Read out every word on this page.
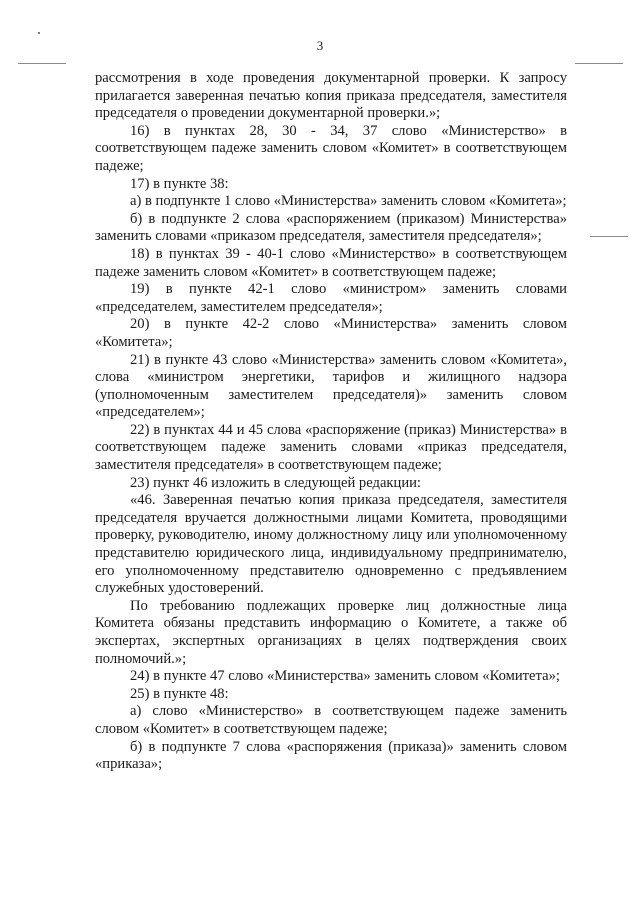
3

рассмотрения в ходе проведения документарной проверки. К запросу прилагается заверенная печатью копия приказа председателя, заместителя председателя о проведении документарной проверки.»;

16) в пунктах 28, 30 - 34, 37 слово «Министерство» в соответствующем падеже заменить словом «Комитет» в соответствующем падеже;

17) в пункте 38:

а) в подпункте 1 слово «Министерства» заменить словом «Комитета»;

б) в подпункте 2 слова «распоряжением (приказом) Министерства» заменить словами «приказом председателя, заместителя председателя»;

18) в пунктах 39 - 40-1 слово «Министерство» в соответствующем падеже заменить словом «Комитет» в соответствующем падеже;

19) в пункте 42-1 слово «министром» заменить словами «председателем, заместителем председателя»;

20) в пункте 42-2 слово «Министерства» заменить словом «Комитета»;

21) в пункте 43 слово «Министерства» заменить словом «Комитета», слова «министром энергетики, тарифов и жилищного надзора (уполномоченным заместителем председателя)» заменить словом «председателем»;

22) в пунктах 44 и 45 слова «распоряжение (приказ) Министерства» в соответствующем падеже заменить словами «приказ председателя, заместителя председателя» в соответствующем падеже;

23) пункт 46 изложить в следующей редакции:

«46. Заверенная печатью копия приказа председателя, заместителя председателя вручается должностными лицами Комитета, проводящими проверку, руководителю, иному должностному лицу или уполномоченному представителю юридического лица, индивидуальному предпринимателю, его уполномоченному представителю одновременно с предъявлением служебных удостоверений.

По требованию подлежащих проверке лиц должностные лица Комитета обязаны представить информацию о Комитете, а также об экспертах, экспертных организациях в целях подтверждения своих полномочий.»;

24) в пункте 47 слово «Министерства» заменить словом «Комитета»;

25) в пункте 48:

а) слово «Министерство» в соответствующем падеже заменить словом «Комитет» в соответствующем падеже;

б) в подпункте 7 слова «распоряжения (приказа)» заменить словом «приказа»;
